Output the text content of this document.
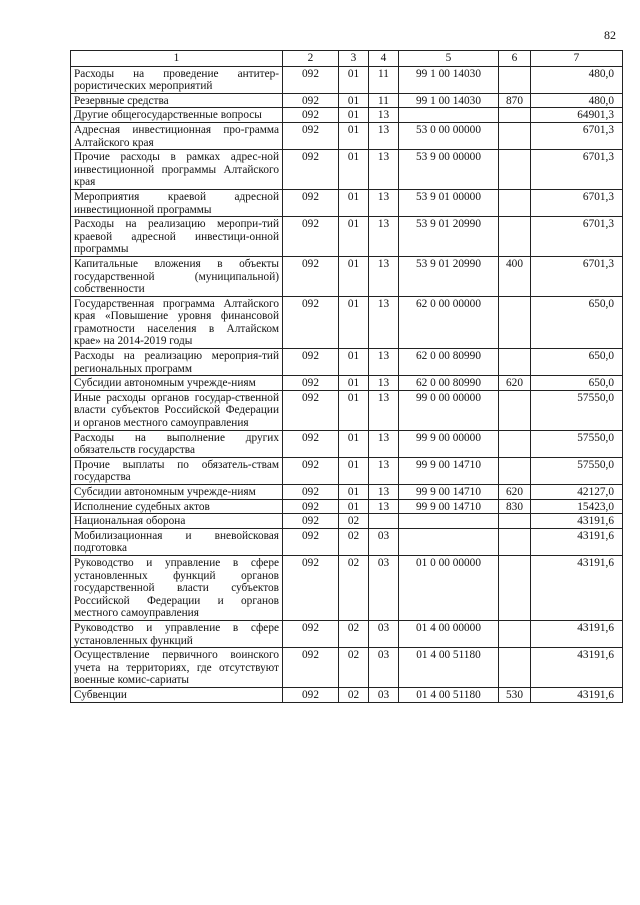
82
1	2	3	4	5	6	7
Расходы на проведение антитер-рористических мероприятий	092	01	11	99 1 00 14030		480,0
Резервные средства	092	01	11	99 1 00 14030	870	480,0
Другие общегосударственные вопросы	092	01	13			64901,3
Адресная инвестиционная про-грамма Алтайского края	092	01	13	53 0 00 00000		6701,3
Прочие расходы в рамках адрес-ной инвестиционной программы Алтайского края	092	01	13	53 9 00 00000		6701,3
Мероприятия краевой адресной инвестиционной программы	092	01	13	53 9 01 00000		6701,3
Расходы на реализацию меропри-тий краевой адресной инвестици-онной программы	092	01	13	53 9 01 20990		6701,3
Капитальные вложения в объекты государственной (муниципальной) собственности	092	01	13	53 9 01 20990	400	6701,3
Государственная программа Алтайского края «Повышение уровня финансовой грамотности населения в Алтайском крае» на 2014-2019 годы	092	01	13	62 0 00 00000		650,0
Расходы на реализацию мероприя-тий региональных программ	092	01	13	62 0 00 80990		650,0
Субсидии автономным учрежде-ниям	092	01	13	62 0 00 80990	620	650,0
Иные расходы органов государ-ственной власти субъектов Российской Федерации и органов местного самоуправления	092	01	13	99 0 00 00000		57550,0
Расходы на выполнение других обязательств государства	092	01	13	99 9 00 00000		57550,0
Прочие выплаты по обязатель-ствам государства	092	01	13	99 9 00 14710		57550,0
Субсидии автономным учрежде-ниям	092	01	13	99 9 00 14710	620	42127,0
Исполнение судебных актов	092	01	13	99 9 00 14710	830	15423,0
Национальная оборона	092	02				43191,6
Мобилизационная и вневойсковая подготовка	092	02	03			43191,6
Руководство и управление в сфере установленных функций органов государственной власти субъектов Российской Федерации и органов местного самоуправления	092	02	03	01 0 00 00000		43191,6
Руководство и управление в сфере установленных функций	092	02	03	01 4 00 00000		43191,6
Осуществление первичного воинского учета на территориях, где отсутствуют военные комис-сариаты	092	02	03	01 4 00 51180		43191,6
Субвенции	092	02	03	01 4 00 51180	530	43191,6
